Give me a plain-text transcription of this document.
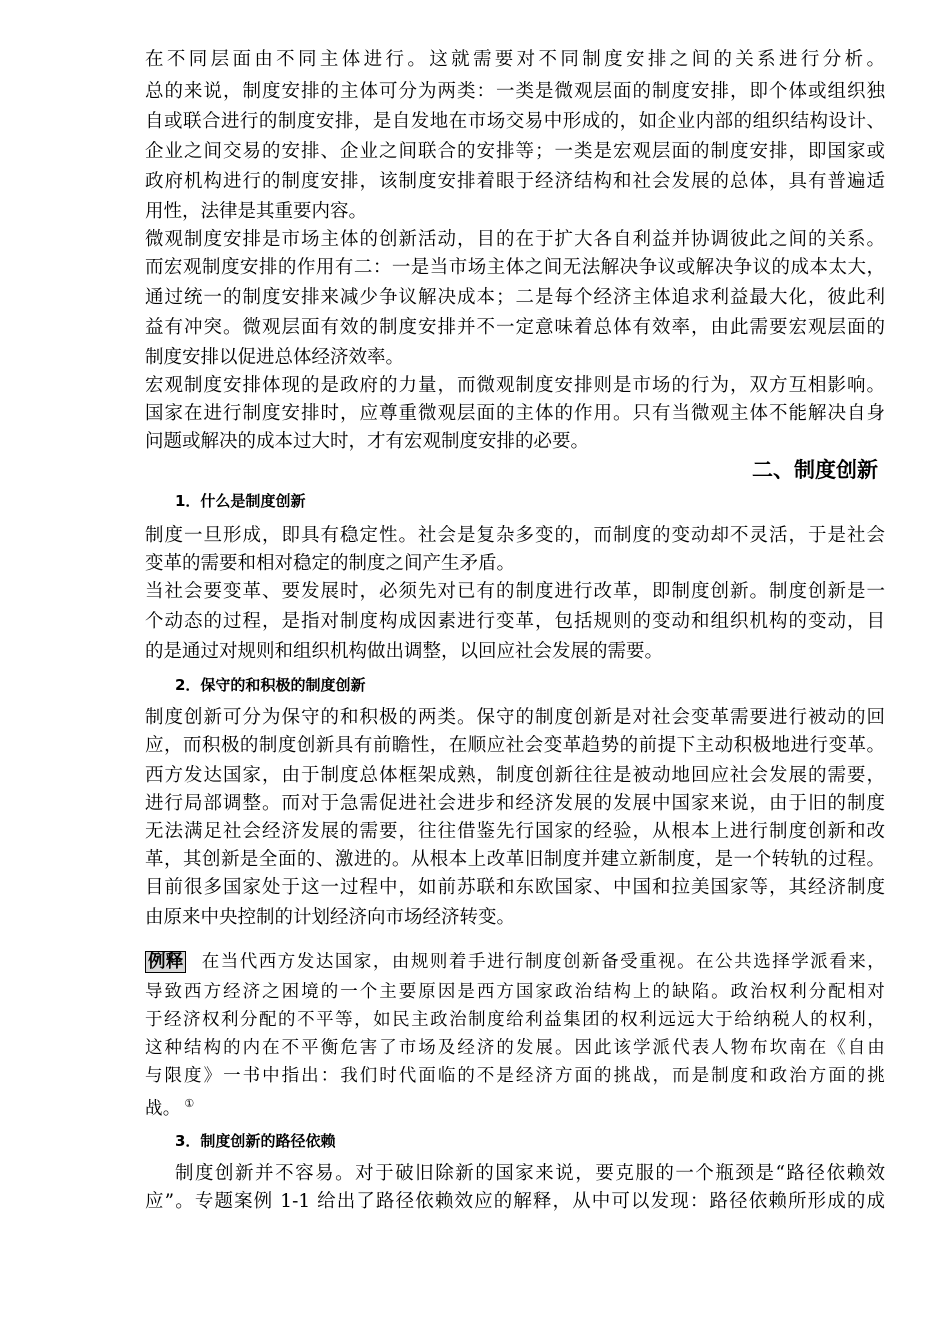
在不同层面由不同主体进行。这就需要对不同制度安排之间的关系进行分析。
总的来说，制度安排的主体可分为两类：一类是微观层面的制度安排，即个体或组织独
自或联合进行的制度安排，是自发地在市场交易中形成的，如企业内部的组织结构设计、
企业之间交易的安排、企业之间联合的安排等；一类是宏观层面的制度安排，即国家或
政府机构进行的制度安排，该制度安排着眼于经济结构和社会发展的总体，具有普遍适
用性，法律是其重要内容。
微观制度安排是市场主体的创新活动，目的在于扩大各自利益并协调彼此之间的关系。
而宏观制度安排的作用有二：一是当市场主体之间无法解决争议或解决争议的成本太大，
通过统一的制度安排来减少争议解决成本；二是每个经济主体追求利益最大化，彼此利
益有冲突。微观层面有效的制度安排并不一定意味着总体有效率，由此需要宏观层面的
制度安排以促进总体经济效率。
宏观制度安排体现的是政府的力量，而微观制度安排则是市场的行为，双方互相影响。
国家在进行制度安排时，应尊重微观层面的主体的作用。只有当微观主体不能解决自身
问题或解决的成本过大时，才有宏观制度安排的必要。
二、制度创新
1．什么是制度创新
制度一旦形成，即具有稳定性。社会是复杂多变的，而制度的变动却不灵活，于是社会
变革的需要和相对稳定的制度之间产生矛盾。
当社会要变革、要发展时，必须先对已有的制度进行改革，即制度创新。制度创新是一
个动态的过程，是指对制度构成因素进行变革，包括规则的变动和组织机构的变动，目
的是通过对规则和组织机构做出调整，以回应社会发展的需要。
2．保守的和积极的制度创新
制度创新可分为保守的和积极的两类。保守的制度创新是对社会变革需要进行被动的回
应，而积极的制度创新具有前瞻性，在顺应社会变革趋势的前提下主动积极地进行变革。
西方发达国家，由于制度总体框架成熟，制度创新往往是被动地回应社会发展的需要，
进行局部调整。而对于急需促进社会进步和经济发展的发展中国家来说，由于旧的制度
无法满足社会经济发展的需要，往往借鉴先行国家的经验，从根本上进行制度创新和改
革，其创新是全面的、激进的。从根本上改革旧制度并建立新制度，是一个转轨的过程。
目前很多国家处于这一过程中，如前苏联和东欧国家、中国和拉美国家等，其经济制度
由原来中央控制的计划经济向市场经济转变。
例释 在当代西方发达国家，由规则着手进行制度创新备受重视。在公共选择学派看来，
导致西方经济之困境的一个主要原因是西方国家政治结构上的缺陷。政治权利分配相对
于经济权利分配的不平等，如民主政治制度给利益集团的权利远远大于给纳税人的权利，
这种结构的内在不平衡危害了市场及经济的发展。因此该学派代表人物布坎南在《自由
与限度》一书中指出：我们时代面临的不是经济方面的挑战，而是制度和政治方面的挑
战。 ①
3．制度创新的路径依赖
制度创新并不容易。对于破旧除新的国家来说，要克服的一个瓶颈是“路径依赖效
应”。专题案例 1-1 给出了路径依赖效应的解释，从中可以发现：路径依赖所形成的成
